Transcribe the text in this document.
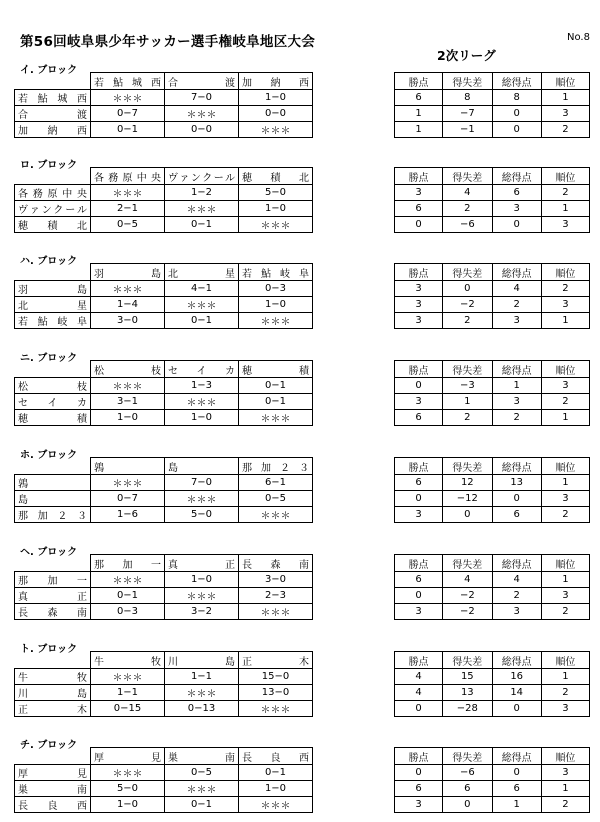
第56回岐阜県少年サッカー選手権岐阜地区大会	No.8
2次リーグ
イ. ブロック
	若鮎城西	合渡	加納西
若鮎城西	＊＊＊	7−0	1−0
合渡	0−7	＊＊＊	0−0
加納西	0−1	0−0	＊＊＊
勝点	得失差	総得点	順位
6	8	8	1
1	−7	0	3
1	−1	0	2
ロ. ブロック
	各務原中央	ヴァンクール	穂積北
各務原中央	＊＊＊	1−2	5−0
ヴァンクール	2−1	＊＊＊	1−0
穂積北	0−5	0−1	＊＊＊
勝点	得失差	総得点	順位
3	4	6	2
6	2	3	1
0	−6	0	3
ハ. ブロック
	羽島	北星	若鮎岐阜
羽島	＊＊＊	4−1	0−3
北星	1−4	＊＊＊	1−0
若鮎岐阜	3−0	0−1	＊＊＊
勝点	得失差	総得点	順位
3	0	4	2
3	−2	2	3
3	2	3	1
ニ. ブロック
	松枝	セイカ	穂積
松枝	＊＊＊	1−3	0−1
セイカ	3−1	＊＊＊	0−1
穂積	1−0	1−0	＊＊＊
勝点	得失差	総得点	順位
0	−3	1	3
3	1	3	2
6	2	2	1
ホ. ブロック
	鶉	島	那加２３
鶉	＊＊＊	7−0	6−1
島	0−7	＊＊＊	0−5
那加２３	1−6	5−0	＊＊＊
勝点	得失差	総得点	順位
6	12	13	1
0	−12	0	3
3	0	6	2
ヘ. ブロック
	那加一	真正	長森南
那加一	＊＊＊	1−0	3−0
真正	0−1	＊＊＊	2−3
長森南	0−3	3−2	＊＊＊
勝点	得失差	総得点	順位
6	4	4	1
0	−2	2	3
3	−2	3	2
ト. ブロック
	牛牧	川島	正木
牛牧	＊＊＊	1−1	15−0
川島	1−1	＊＊＊	13−0
正木	0−15	0−13	＊＊＊
勝点	得失差	総得点	順位
4	15	16	1
4	13	14	2
0	−28	0	3
チ. ブロック
	厚見	巣南	長良西
厚見	＊＊＊	0−5	0−1
巣南	5−0	＊＊＊	1−0
長良西	1−0	0−1	＊＊＊
勝点	得失差	総得点	順位
0	−6	0	3
6	6	6	1
3	0	1	2
